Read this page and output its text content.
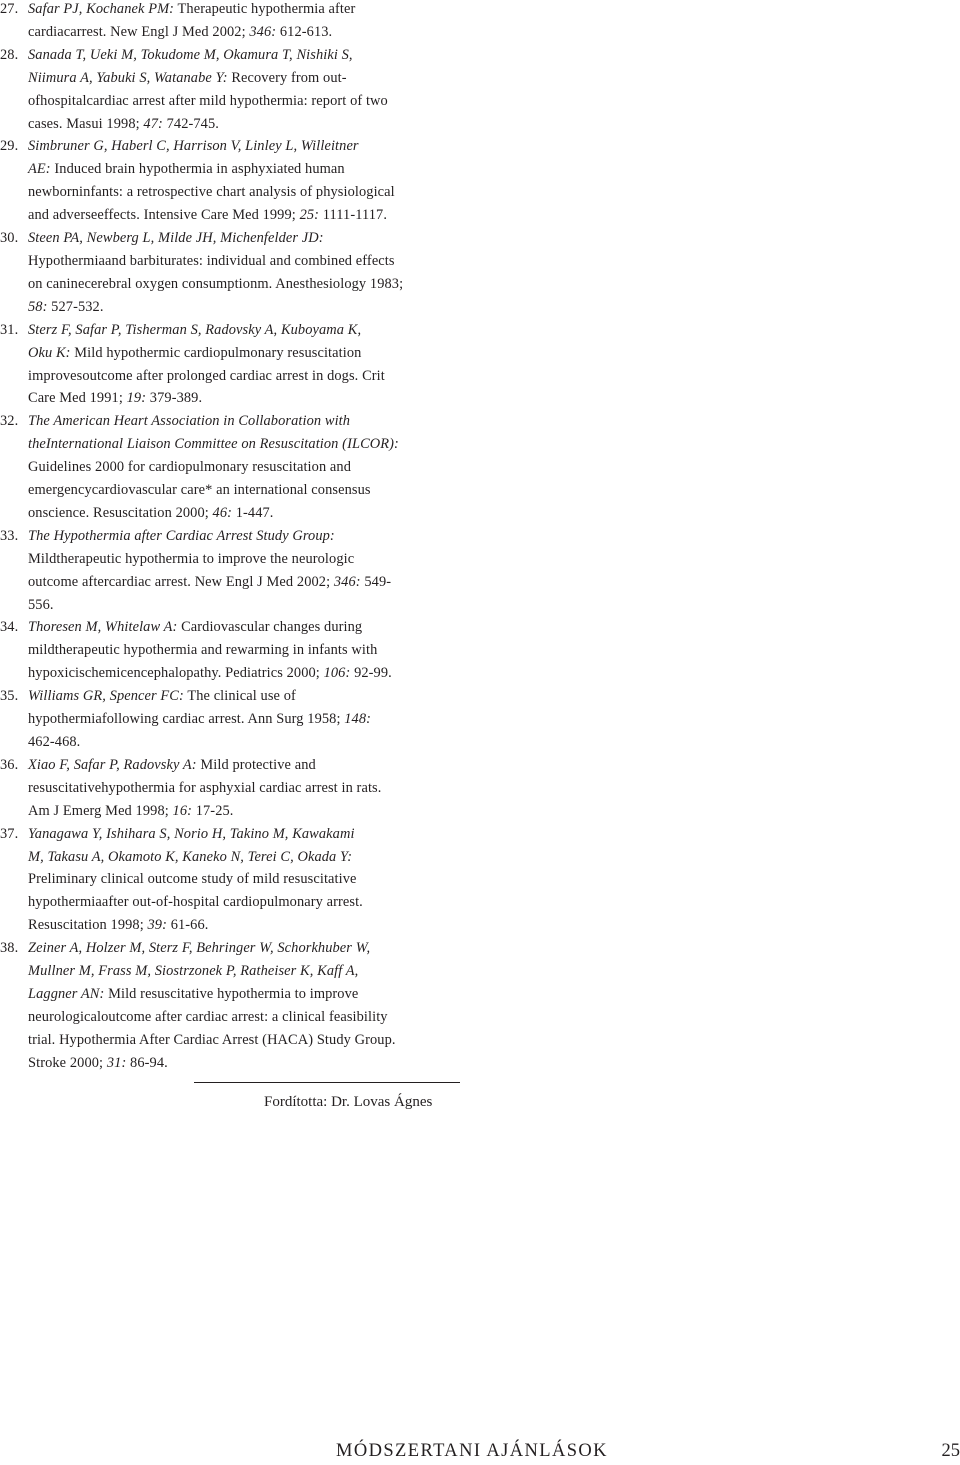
27. Safar PJ, Kochanek PM: Therapeutic hypothermia after
cardiacarrest. New Engl J Med 2002; 346: 612-613.
28. Sanada T, Ueki M, Tokudome M, Okamura T, Nishiki S,
Niimura A, Yabuki S, Watanabe Y: Recovery from out-
ofhospitalcardiac arrest after mild hypothermia: report of two
cases. Masui 1998; 47: 742-745.
29. Simbruner G, Haberl C, Harrison V, Linley L, Willeitner
AE: Induced brain hypothermia in asphyxiated human
newborninfants: a retrospective chart analysis of physiological
and adverseeffects. Intensive Care Med 1999; 25: 1111-1117.
30. Steen PA, Newberg L, Milde JH, Michenfelder JD:
Hypothermiaand barbiturates: individual and combined effects
on caninecerebral oxygen consumptionm. Anesthesiology 1983;
58: 527-532.
31. Sterz F, Safar P, Tisherman S, Radovsky A, Kuboyama K,
Oku K: Mild hypothermic cardiopulmonary resuscitation
improvesoutcome after prolonged cardiac arrest in dogs. Crit
Care Med 1991; 19: 379-389.
32. The American Heart Association in Collaboration with
theInternational Liaison Committee on Resuscitation (ILCOR):
Guidelines 2000 for cardiopulmonary resuscitation and
emergencycardiovascular care* an international consensus
onscience. Resuscitation 2000; 46: 1-447.
33. The Hypothermia after Cardiac Arrest Study Group:
Mildtherapeutic hypothermia to improve the neurologic
outcome aftercardiac arrest. New Engl J Med 2002; 346: 549-
556.
34. Thoresen M, Whitelaw A: Cardiovascular changes during
mildtherapeutic hypothermia and rewarming in infants with
hypoxicischemicencephalopathy. Pediatrics 2000; 106: 92-99.
35. Williams GR, Spencer FC: The clinical use of
hypothermiafollowing cardiac arrest. Ann Surg 1958; 148:
462-468.
36. Xiao F, Safar P, Radovsky A: Mild protective and
resuscitativehypothermia for asphyxial cardiac arrest in rats.
Am J Emerg Med 1998; 16: 17-25.
37. Yanagawa Y, Ishihara S, Norio H, Takino M, Kawakami
M, Takasu A, Okamoto K, Kaneko N, Terei C, Okada Y:
Preliminary clinical outcome study of mild resuscitative
hypothermiaafter out-of-hospital cardiopulmonary arrest.
Resuscitation 1998; 39: 61-66.
38. Zeiner A, Holzer M, Sterz F, Behringer W, Schorkhuber W,
Mullner M, Frass M, Siostrzonek P, Ratheiser K, Kaff A,
Laggner AN: Mild resuscitative hypothermia to improve
neurologicaloutcome after cardiac arrest: a clinical feasibility
trial. Hypothermia After Cardiac Arrest (HACA) Study Group.
Stroke 2000; 31: 86-94.
Fordította: Dr. Lovas Ágnes
MÓDSZERTANI AJÁNLÁSOK	25
